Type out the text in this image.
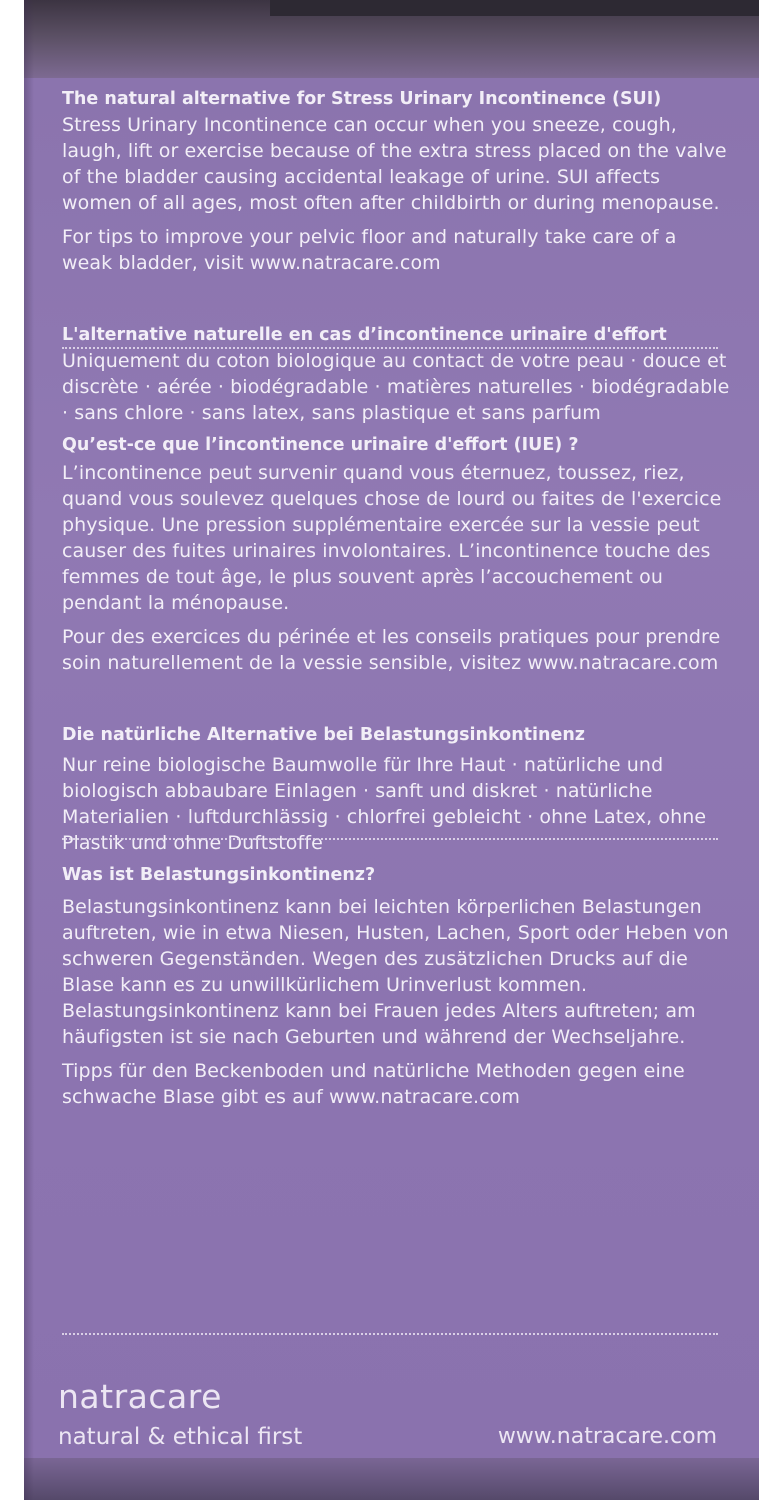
The natural alternative for Stress Urinary Incontinence (SUI)

Stress Urinary Incontinence can occur when you sneeze, cough, laugh, lift or exercise because of the extra stress placed on the valve of the bladder causing accidental leakage of urine. SUI affects women of all ages, most often after childbirth or during menopause.

For tips to improve your pelvic floor and naturally take care of a weak bladder, visit www.natracare.com

L'alternative naturelle en cas d’incontinence urinaire d'effort

Uniquement du coton biologique au contact de votre peau · douce et discrète · aérée · biodégradable · matières naturelles · biodégradable · sans chlore · sans latex, sans plastique et sans parfum

Qu’est-ce que l’incontinence urinaire d'effort (IUE) ?

L’incontinence peut survenir quand vous éternuez, toussez, riez, quand vous soulevez quelques chose de lourd ou faites de l'exercice physique. Une pression supplémentaire exercée sur la vessie peut causer des fuites urinaires involontaires. L’incontinence touche des femmes de tout âge, le plus souvent après l’accouchement ou pendant la ménopause.

Pour des exercices du périnée et les conseils pratiques pour prendre soin naturellement de la vessie sensible, visitez www.natracare.com

Die natürliche Alternative bei Belastungsinkontinenz

Nur reine biologische Baumwolle für Ihre Haut · natürliche und biologisch abbaubare Einlagen · sanft und diskret · natürliche Materialien · luftdurchlässig · chlorfrei gebleicht · ohne Latex, ohne Plastik und ohne Duftstoffe

Was ist Belastungsinkontinenz?

Belastungsinkontinenz kann bei leichten körperlichen Belastungen auftreten, wie in etwa Niesen, Husten, Lachen, Sport oder Heben von schweren Gegenständen. Wegen des zusätzlichen Drucks auf die Blase kann es zu unwillkürlichem Urinverlust kommen. Belastungsinkontinenz kann bei Frauen jedes Alters auftreten; am häufigsten ist sie nach Geburten und während der Wechseljahre.

Tipps für den Beckenboden und natürliche Methoden gegen eine schwache Blase gibt es auf www.natracare.com

natracare
natural & ethical first	www.natracare.com
